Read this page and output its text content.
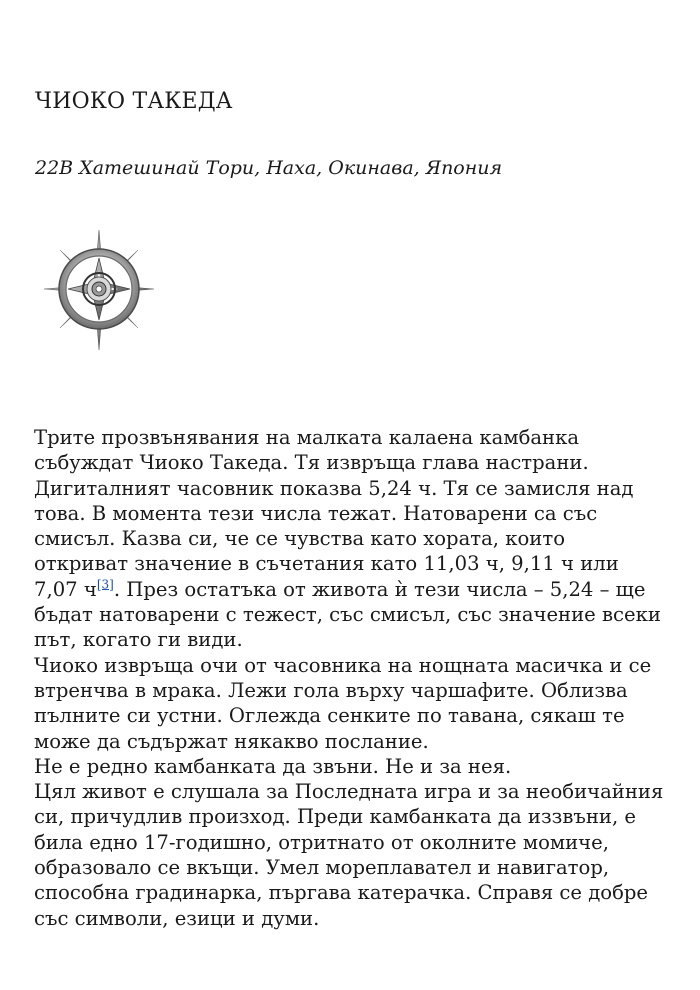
ЧИОКО ТАКЕДА

22B Хатешинай Тори, Наха, Окинава, Япония

Трите прозвънявания на малката калаена камбанка събуждат Чиоко Такеда. Тя извръща глава настрани. Дигиталният часовник показва 5,24 ч. Тя се замисля над това. В момента тези числа тежат. Натоварени са със смисъл. Казва си, че се чувства като хората, които откриват значение в съчетания като 11,03 ч, 9,11 ч или 7,07 ч[3]. През остатъка от живота ѝ тези числа – 5,24 – ще бъдат натоварени с тежест, със смисъл, със значение всеки път, когато ги види.

Чиоко извръща очи от часовника на нощната масичка и се втренчва в мрака. Лежи гола върху чаршафите. Облизва пълните си устни. Оглежда сенките по тавана, сякаш те може да съдържат някакво послание.

Не е редно камбанката да звъни. Не и за нея.

Цял живот е слушала за Последната игра и за необичайния си, причудлив произход. Преди камбанката да иззвъни, е била едно 17-годишно, отритнато от околните момиче, образовало се вкъщи. Умел мореплавател и навигатор, способна градинарка, пъргава катерачка. Справя се добре със символи, езици и думи.
